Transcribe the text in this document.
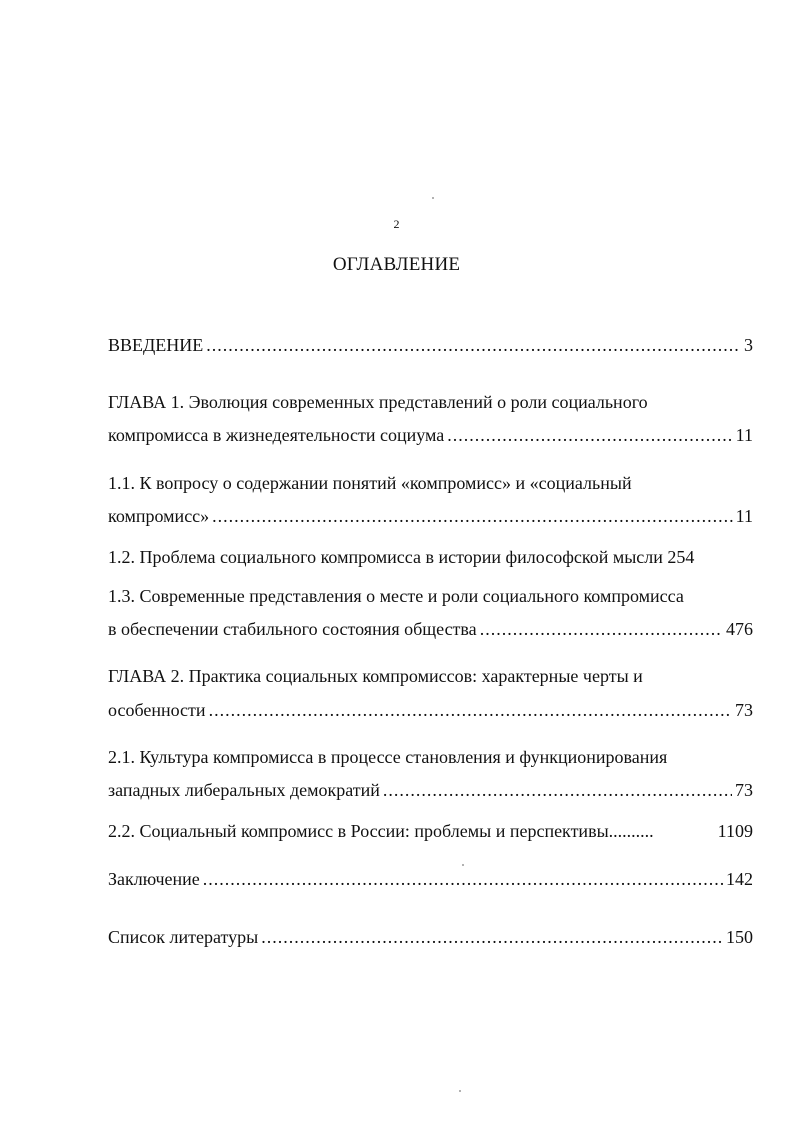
2
ОГЛАВЛЕНИЕ
ВВЕДЕНИЕ .....	3
ГЛАВА 1. Эволюция современных представлений о роли социального
компромисса в жизнедеятельности социума .....	11
1.1. К вопросу о содержании понятий «компромисс» и «социальный
компромисс» .....	11
1.2. Проблема социального компромисса в истории философской мысли 254
1.3. Современные представления о месте и роли социального компромисса
в обеспечении стабильного состояния общества .....	476
ГЛАВА 2. Практика социальных компромиссов: характерные черты и
особенности .....	73
2.1. Культура компромисса в процессе становления и функционирования
западных либеральных демократий .....	73
2.2. Социальный компромисс в России: проблемы и перспективы..........	1109
Заключение .....	142
Список литературы .....	150
